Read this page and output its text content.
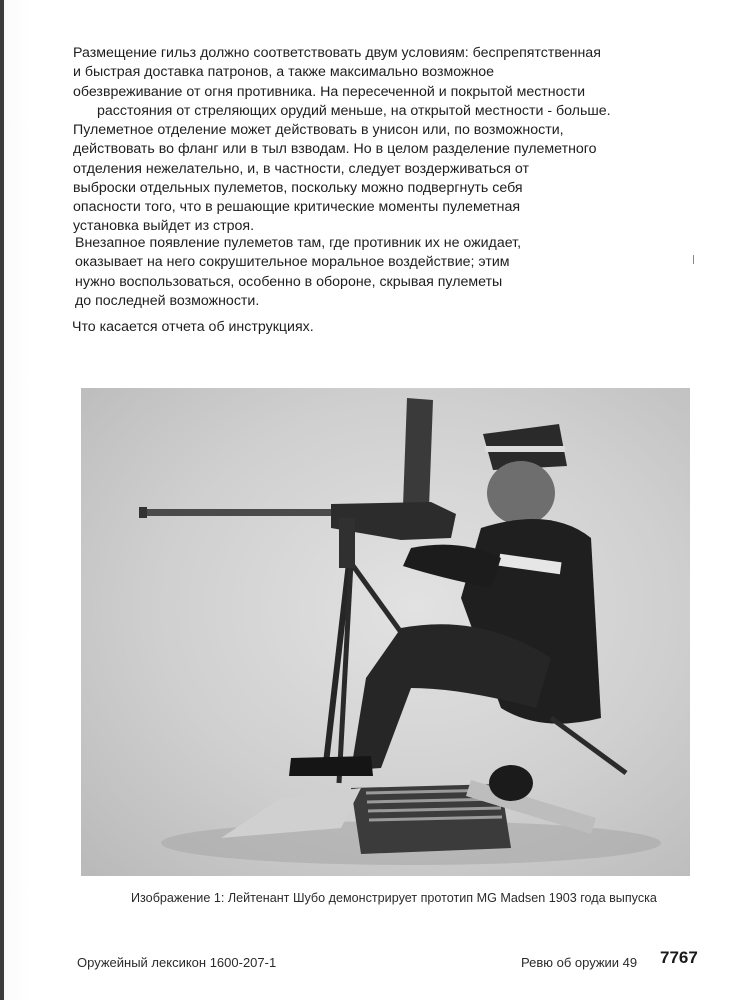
Размещение гильз должно соответствовать двум условиям: беспрепятственная
и быстрая доставка патронов, а также максимально возможное
обезвреживание от огня противника. На пересеченной и покрытой местности
расстояния от стреляющих орудий меньше, на открытой местности - больше.
Пулеметное отделение может действовать в унисон или, по возможности,
действовать во фланг или в тыл взводам. Но в целом разделение пулеметного
отделения нежелательно, и, в частности, следует воздерживаться от
выброски отдельных пулеметов, поскольку можно подвергнуть себя
опасности того, что в решающие критические моменты пулеметная
установка выйдет из строя.
Внезапное появление пулеметов там, где противник их не ожидает,
оказывает на него сокрушительное моральное воздействие; этим
нужно воспользоваться, особенно в обороне, скрывая пулеметы
до последней возможности.
Что касается отчета об инструкциях.
Изображение 1: Лейтенант Шубо демонстрирует прототип MG Madsen 1903 года выпуска
Оружейный лексикон 1600-207-1	Ревю об оружии 49 7767
